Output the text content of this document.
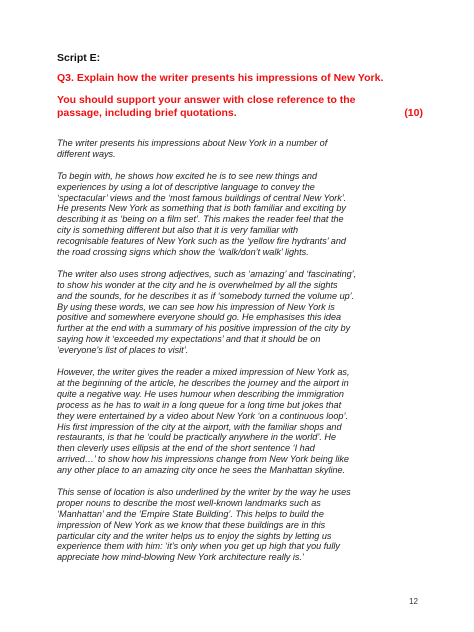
Script E:
Q3. Explain how the writer presents his impressions of New York.
You should support your answer with close reference to the
passage, including brief quotations.	(10)

The writer presents his impressions about New York in a number of
different ways.

To begin with, he shows how excited he is to see new things and
experiences by using a lot of descriptive language to convey the
‘spectacular’ views and the ‘most famous buildings of central New York’.
He presents New York as something that is both familiar and exciting by
describing it as ‘being on a film set’. This makes the reader feel that the
city is something different but also that it is very familiar with
recognisable features of New York such as the ‘yellow fire hydrants’ and
the road crossing signs which show the ‘walk/don’t walk’ lights.

The writer also uses strong adjectives, such as ‘amazing’ and ‘fascinating’,
to show his wonder at the city and he is overwhelmed by all the sights
and the sounds, for he describes it as if ‘somebody turned the volume up’.
By using these words, we can see how his impression of New York is
positive and somewhere everyone should go. He emphasises this idea
further at the end with a summary of his positive impression of the city by
saying how it ‘exceeded my expectations’ and that it should be on
‘everyone’s list of places to visit’.

However, the writer gives the reader a mixed impression of New York as,
at the beginning of the article, he describes the journey and the airport in
quite a negative way. He uses humour when describing the immigration
process as he has to wait in a long queue for a long time but jokes that
they were entertained by a video about New York ‘on a continuous loop’.
His first impression of the city at the airport, with the familiar shops and
restaurants, is that he ‘could be practically anywhere in the world’. He
then cleverly uses ellipsis at the end of the short sentence ‘I had
arrived…’ to show how his impressions change from New York being like
any other place to an amazing city once he sees the Manhattan skyline.

This sense of location is also underlined by the writer by the way he uses
proper nouns to describe the most well-known landmarks such as
‘Manhattan’ and the ‘Empire State Building’. This helps to build the
impression of New York as we know that these buildings are in this
particular city and the writer helps us to enjoy the sights by letting us
experience them with him: ‘it’s only when you get up high that you fully
appreciate how mind-blowing New York architecture really is.’

12
